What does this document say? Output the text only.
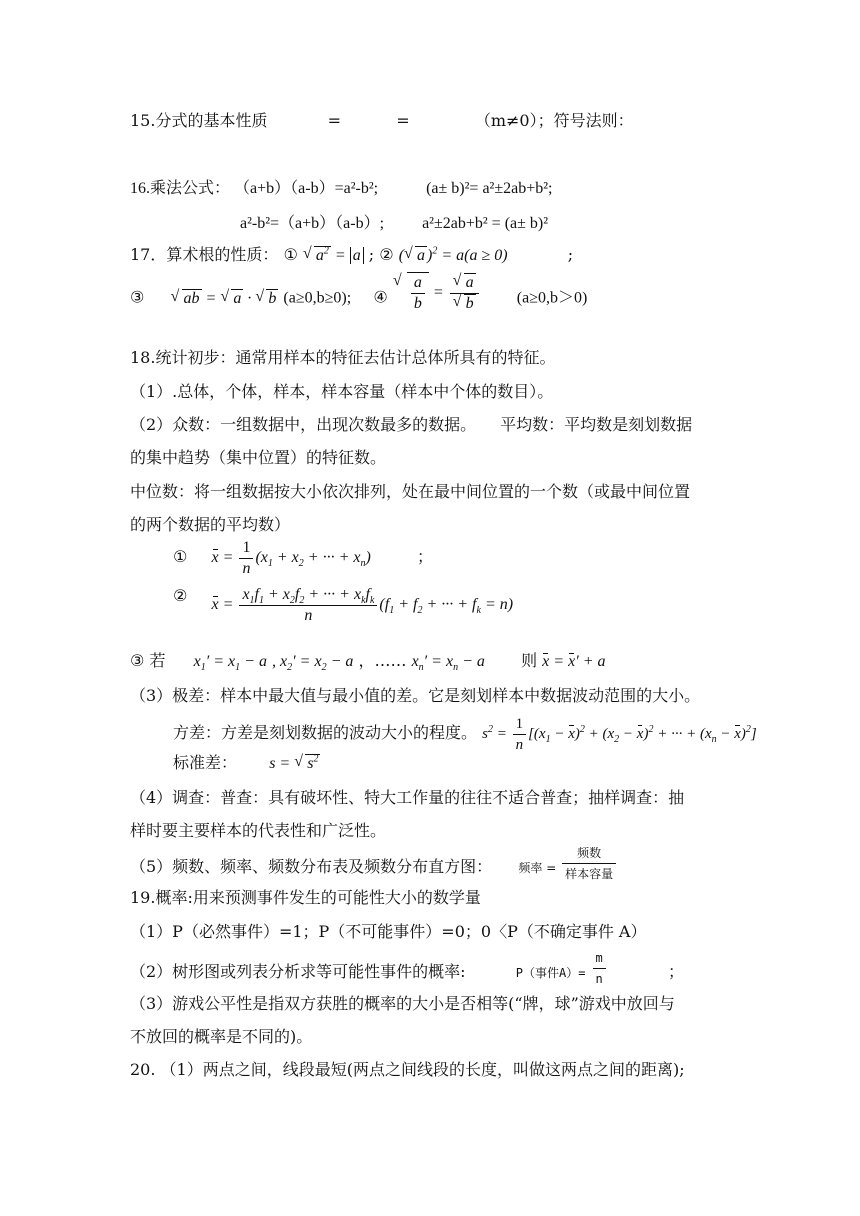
15.分式的基本性质	=	=	（m≠0）；符号法则：
16.乘法公式： （a+b）（a-b）=a²-b²;	(a± b)²= a²±2ab+b²;
a²-b²=（a+b）（a-b）; a²±2ab+b² = (a± b)²
17．算术根的性质： ① √ $a^2 = a$ ; ② ( √ a )$^2$ = a(a ≥ 0)	;
③ √ ab = √ a · √ b (a≥0,b≥0); ④ √ $\frac{a}{b}$ = √ a
√ b (a≥0,b＞0)
18.统计初步：通常用样本的特征去估计总体所具有的特征。
（1）.总体，个体，样本，样本容量（样本中个体的数目）。
（2）众数：一组数据中，出现次数最多的数据。　　平均数：平均数是刻划数据
的集中趋势（集中位置）的特征数。
中位数：将一组数据按大小依次排列，处在最中间位置的一个数（或最中间位置
的两个数据的平均数）
① $x = \frac{1}{n} (x_1 + x_2$ + ··· + $x_n$)	；
② $x = \frac{x_1f_1 + x_2f_2 + \cdot\cdot\cdot + x_kf_k}{n} (f_1 + f_2$ + ··· + $f_k = n$)
③ 若 $x_1' = x_1 - a$ , $x_2' = x_2 - a$ ，…… $x_n' = x_n - a$ 则 x = x′ + a
（3）极差：样本中最大值与最小值的差。它是刻划样本中数据波动范围的大小。
方差：方差是刻划数据的波动大小的程度。 $s^2 = \frac{1}{n} [(x_1 - x)^2 + (x_2 - x)^2$ + ··· + $(x_n - x)^2$]
标准差： s = √ $s^2$
（4）调查：普查：具有破坏性、特大工作量的往往不适合普查；抽样调查：抽
样时要主要样本的代表性和广泛性。
（5）频数、频率、频数分布表及频数分布直方图： 频率 = $\frac{\text{频数}}{\text{样本容量}}$
19.概率:用来预测事件发生的可能性大小的数学量
（1）P（必然事件）=1；P（不可能事件）=0；0〈P（不确定事件 A）
（2）树形图或列表分析求等可能性事件的概率:	P（事件$A)= \frac{m}{n}$	；
（3）游戏公平性是指双方获胜的概率的大小是否相等(“牌，球”游戏中放回与
不放回的概率是不同的)。
20. （1）两点之间，线段最短(两点之间线段的长度，叫做这两点之间的距离);
